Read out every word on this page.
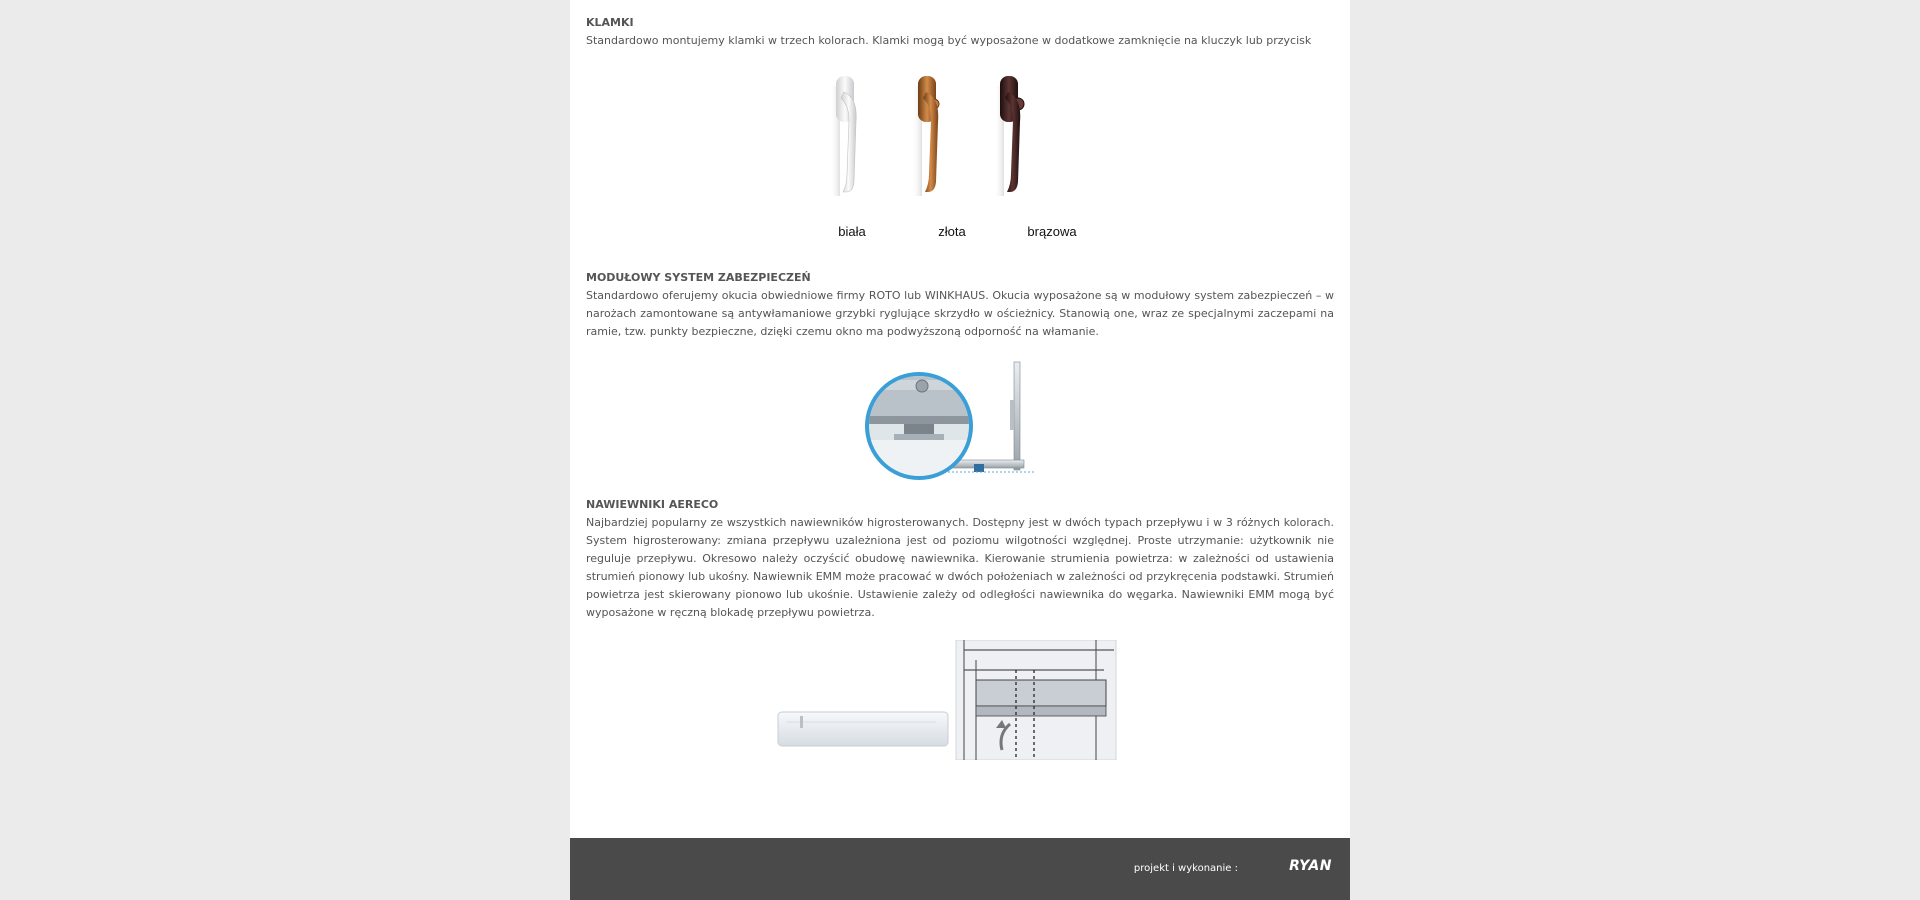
KLAMKI

Standardowo montujemy klamki w trzech kolorach. Klamki mogą być wyposażone w dodatkowe zamknięcie na kluczyk lub przycisk

biała	złota	brązowa
MODUŁOWY SYSTEM ZABEZPIECZEŃ

Standardowo oferujemy okucia obwiedniowe firmy ROTO lub WINKHAUS. Okucia wyposażone są w modułowy system zabezpieczeń – w narożach zamontowane są antywłamaniowe grzybki ryglujące skrzydło w ościeżnicy. Stanowią one, wraz ze specjalnymi zaczepami na ramie, tzw. punkty bezpieczne, dzięki czemu okno ma podwyższoną odporność na włamanie.

NAWIEWNIKI AERECO

Najbardziej popularny ze wszystkich nawiewników higrosterowanych. Dostępny jest w dwóch typach przepływu i w 3 różnych kolorach. System higrosterowany: zmiana przepływu uzależniona jest od poziomu wilgotności względnej. Proste utrzymanie: użytkownik nie reguluje przepływu. Okresowo należy oczyścić obudowę nawiewnika. Kierowanie strumienia powietrza: w zależności od ustawienia strumień pionowy lub ukośny. Nawiewnik EMM może pracować w dwóch położeniach w zależności od przykręcenia podstawki. Strumień powietrza jest skierowany pionowo lub ukośnie. Ustawienie zależy od odległości nawiewnika do węgarka. Nawiewniki EMM mogą być wyposażone w ręczną blokadę przepływu powietrza.

projekt i wykonanie :	RYAN
